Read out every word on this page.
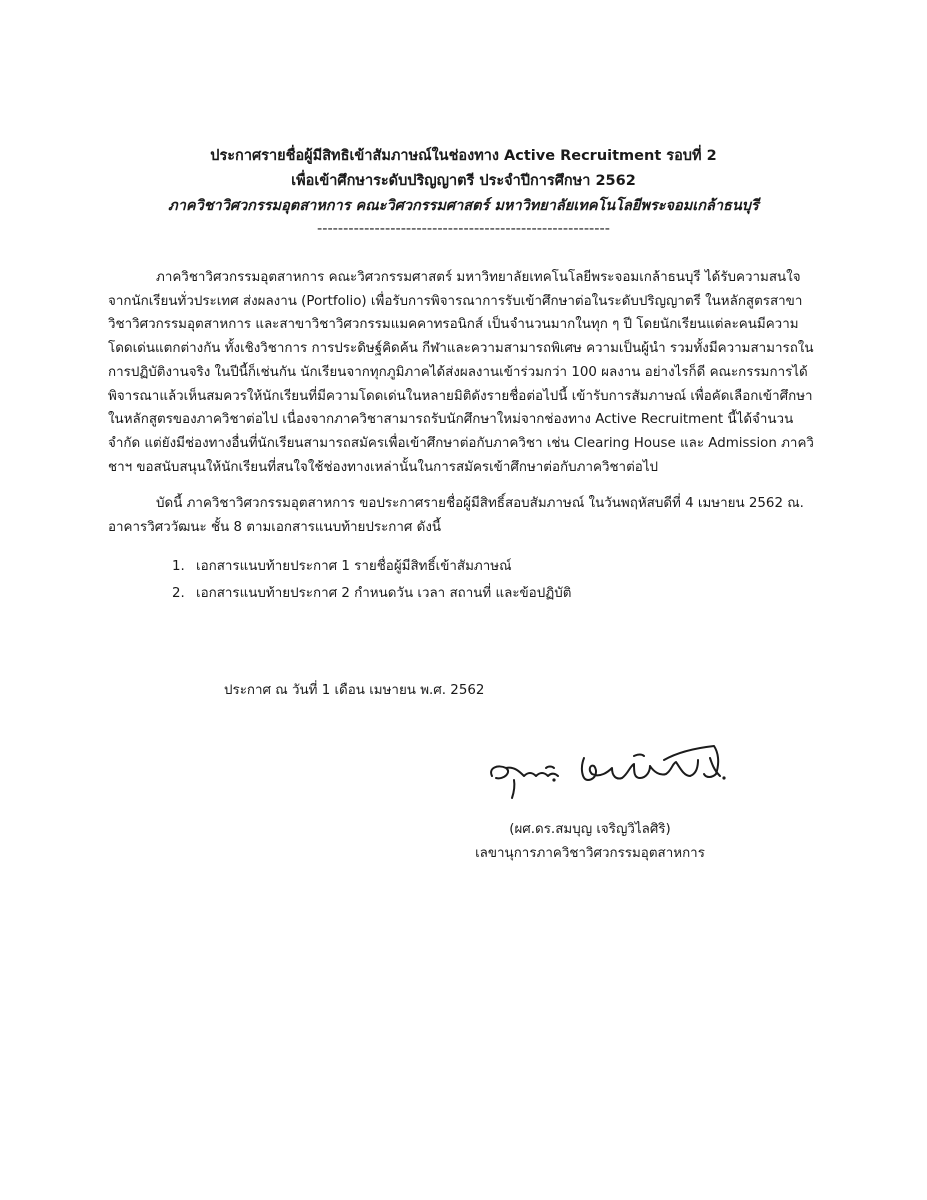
ประกาศรายชื่อผู้มีสิทธิเข้าสัมภาษณ์ในช่องทาง Active Recruitment รอบที่ 2
เพื่อเข้าศึกษาระดับปริญญาตรี ประจำปีการศึกษา 2562
ภาควิชาวิศวกรรมอุตสาหการ คณะวิศวกรรมศาสตร์ มหาวิทยาลัยเทคโนโลยีพระจอมเกล้าธนบุรี
--------------------------------------------------------

ภาควิชาวิศวกรรมอุตสาหการ คณะวิศวกรรมศาสตร์ มหาวิทยาลัยเทคโนโลยีพระจอมเกล้าธนบุรี ได้รับความสนใจจากนักเรียนทั่วประเทศ ส่งผลงาน (Portfolio) เพื่อรับการพิจารณาการรับเข้าศึกษาต่อในระดับปริญญาตรี ในหลักสูตรสาขาวิชาวิศวกรรมอุตสาหการ และสาขาวิชาวิศวกรรมแมคคาทรอนิกส์ เป็นจำนวนมากในทุก ๆ ปี โดยนักเรียนแต่ละคนมีความโดดเด่นแตกต่างกัน ทั้งเชิงวิชาการ การประดิษฐ์คิดค้น กีฬาและความสามารถพิเศษ ความเป็นผู้นำ รวมทั้งมีความสามารถในการปฏิบัติงานจริง ในปีนี้ก็เช่นกัน นักเรียนจากทุกภูมิภาคได้ส่งผลงานเข้าร่วมกว่า 100 ผลงาน อย่างไรก็ดี คณะกรรมการได้พิจารณาแล้วเห็นสมควรให้นักเรียนที่มีความโดดเด่นในหลายมิติดังรายชื่อต่อไปนี้ เข้ารับการสัมภาษณ์ เพื่อคัดเลือกเข้าศึกษาในหลักสูตรของภาควิชาต่อไป เนื่องจากภาควิชาสามารถรับนักศึกษาใหม่จากช่องทาง Active Recruitment นี้ได้จำนวนจำกัด แต่ยังมีช่องทางอื่นที่นักเรียนสามารถสมัครเพื่อเข้าศึกษาต่อกับภาควิชา เช่น Clearing House และ Admission ภาควิชาฯ ขอสนับสนุนให้นักเรียนที่สนใจใช้ช่องทางเหล่านั้นในการสมัครเข้าศึกษาต่อกับภาควิชาต่อไป

บัดนี้ ภาควิชาวิศวกรรมอุตสาหการ ขอประกาศรายชื่อผู้มีสิทธิ์สอบสัมภาษณ์ ในวันพฤหัสบดีที่ 4 เมษายน 2562 ณ. อาคารวิศววัฒนะ ชั้น 8 ตามเอกสารแนบท้ายประกาศ ดังนี้

1. เอกสารแนบท้ายประกาศ 1 รายชื่อผู้มีสิทธิ์เข้าสัมภาษณ์
2. เอกสารแนบท้ายประกาศ 2 กำหนดวัน เวลา สถานที่ และข้อปฏิบัติ
ประกาศ ณ วันที่ 1 เดือน เมษายน พ.ศ. 2562
(ผศ.ดร.สมบุญ เจริญวิไลศิริ)
เลขานุการภาควิชาวิศวกรรมอุตสาหการ
